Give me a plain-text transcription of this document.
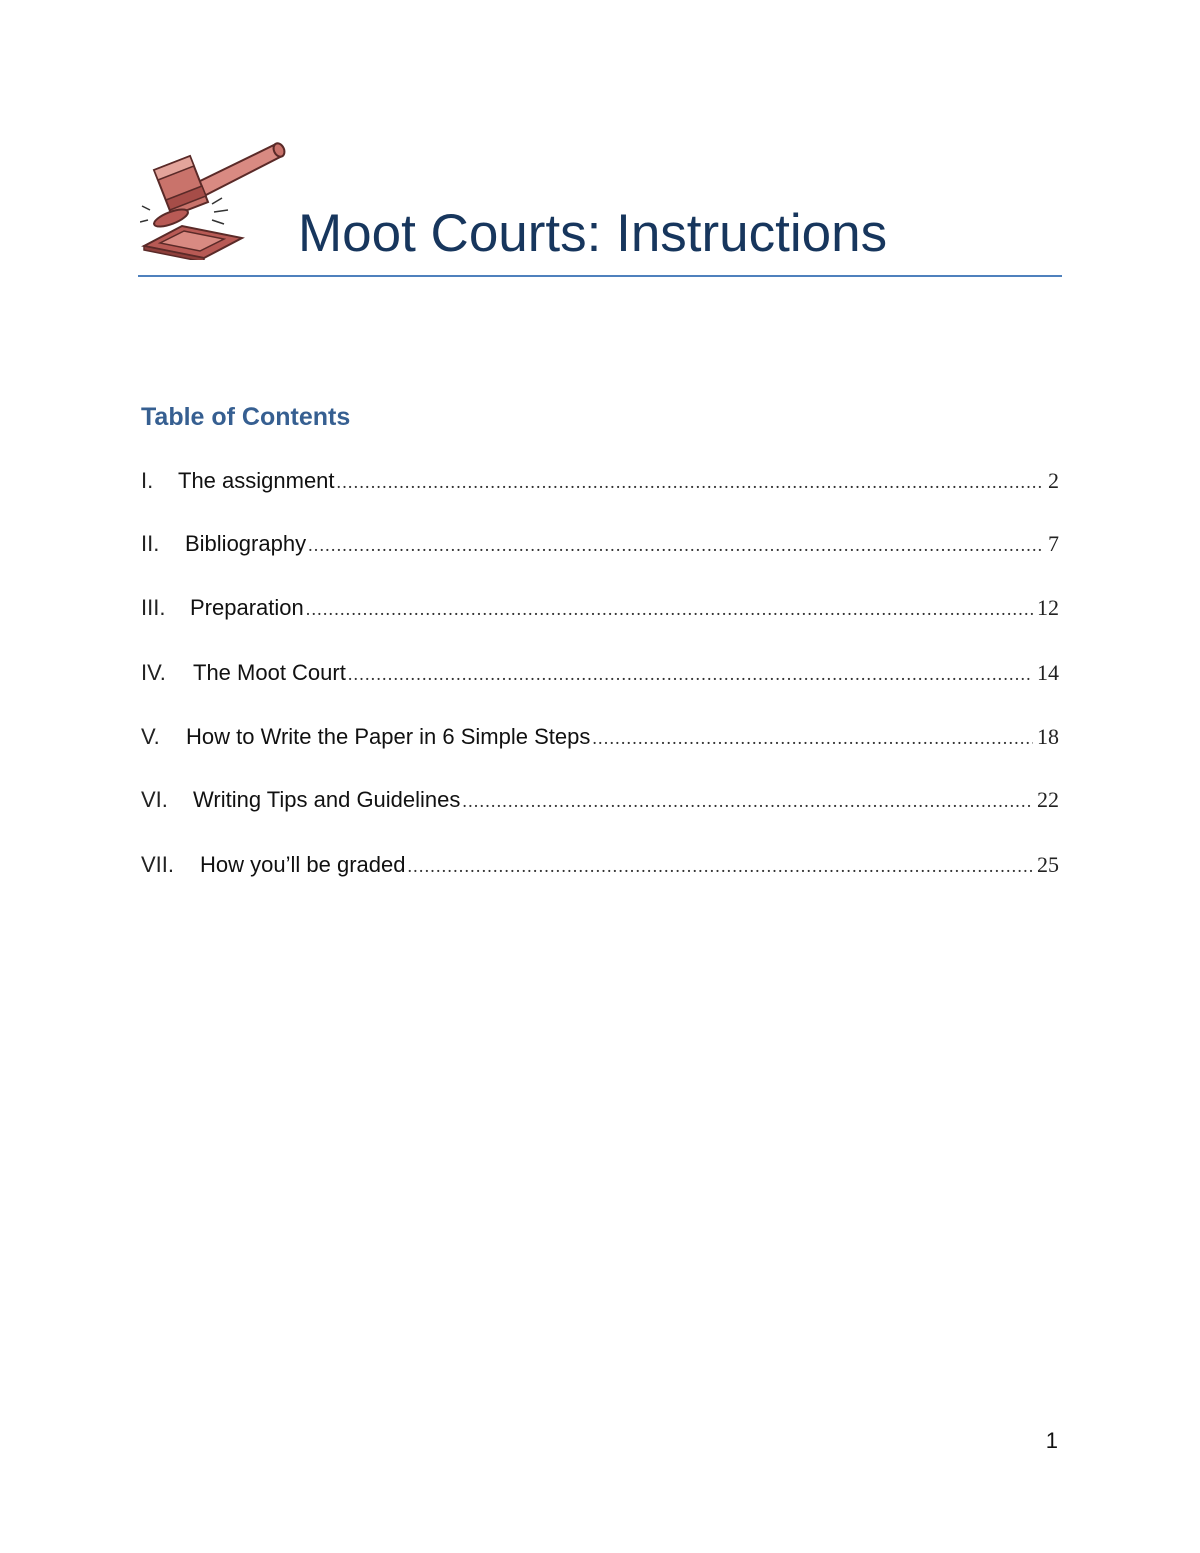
Moot Courts: Instructions
Table of Contents
I.	The assignment .....	2
II.	Bibliography .....	7
III.	Preparation .....	12
IV.	The Moot Court .....	14
V.	How to Write the Paper in 6 Simple Steps .....	18
VI.	Writing Tips and Guidelines .....	22
VII.	How you’ll be graded .....	25
1
